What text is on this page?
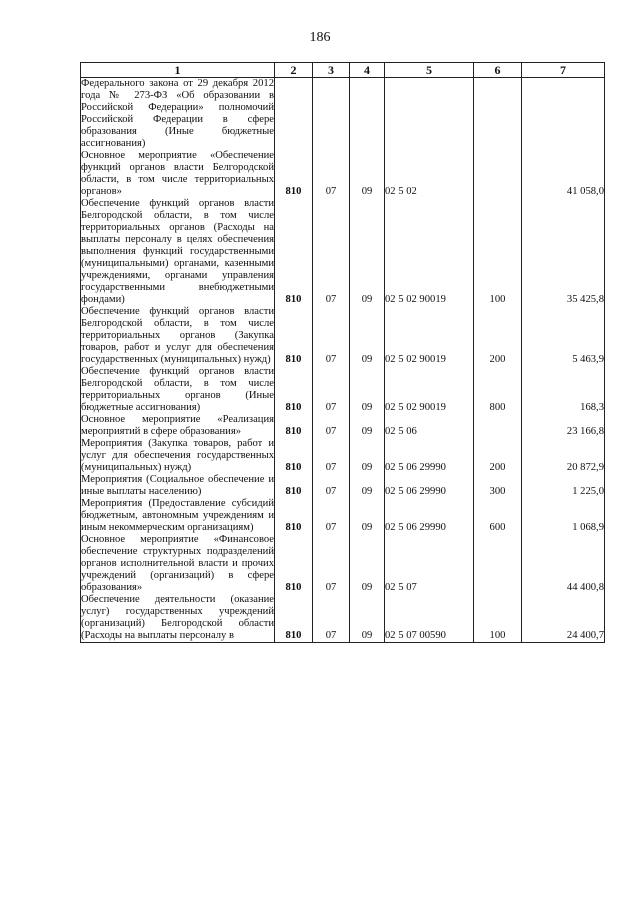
186
1	2	3	4	5	6	7
Федерального закона от 29 декабря 2012 года № 273-ФЗ «Об образовании в Российской Федерации» полномочий Российской Федерации в сфере образования (Иные бюджетные ассигнования)						
Основное мероприятие «Обеспечение функций органов власти Белгородской области, в том числе территориальных органов»	810	07	09	02 5 02		41 058,0
Обеспечение функций органов власти Белгородской области, в том числе территориальных органов (Расходы на выплаты персоналу в целях обеспечения выполнения функций государственными (муниципальными) органами, казенными учреждениями, органами управления государственными внебюджетными фондами)	810	07	09	02 5 02 90019	100	35 425,8
Обеспечение функций органов власти Белгородской области, в том числе территориальных органов (Закупка товаров, работ и услуг для обеспечения государственных (муниципальных) нужд)	810	07	09	02 5 02 90019	200	5 463,9
Обеспечение функций органов власти Белгородской области, в том числе территориальных органов (Иные бюджетные ассигнования)	810	07	09	02 5 02 90019	800	168,3
Основное мероприятие «Реализация мероприятий в сфере образования»	810	07	09	02 5 06		23 166,8
Мероприятия (Закупка товаров, работ и услуг для обеспечения государственных (муниципальных) нужд)	810	07	09	02 5 06 29990	200	20 872,9
Мероприятия (Социальное обеспечение и иные выплаты населению)	810	07	09	02 5 06 29990	300	1 225,0
Мероприятия (Предоставление субсидий бюджетным, автономным учреждениям и иным некоммерческим организациям)	810	07	09	02 5 06 29990	600	1 068,9
Основное мероприятие «Финансовое обеспечение структурных подразделений органов исполнительной власти и прочих учреждений (организаций) в сфере образования»	810	07	09	02 5 07		44 400,8
Обеспечение деятельности (оказание услуг) государственных учреждений (организаций) Белгородской области (Расходы на выплаты персоналу в	810	07	09	02 5 07 00590	100	24 400,7
